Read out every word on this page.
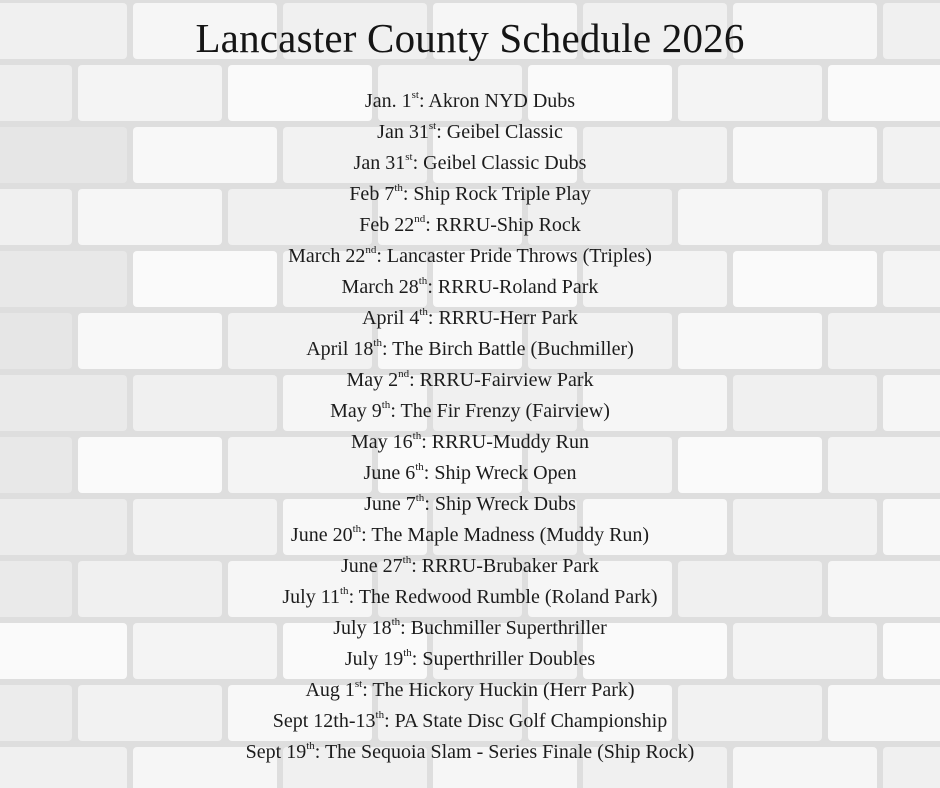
Lancaster County Schedule 2026
Jan. 1st: Akron NYD Dubs
Jan 31st: Geibel Classic
Jan 31st: Geibel Classic Dubs
Feb 7th: Ship Rock Triple Play
Feb 22nd: RRRU-Ship Rock
March 22nd: Lancaster Pride Throws (Triples)
March 28th: RRRU-Roland Park
April 4th: RRRU-Herr Park
April 18th: The Birch Battle (Buchmiller)
May 2nd: RRRU-Fairview Park
May 9th: The Fir Frenzy (Fairview)
May 16th: RRRU-Muddy Run
June 6th: Ship Wreck Open
June 7th: Ship Wreck Dubs
June 20th: The Maple Madness (Muddy Run)
June 27th: RRRU-Brubaker Park
July 11th: The Redwood Rumble (Roland Park)
July 18th: Buchmiller Superthriller
July 19th: Superthriller Doubles
Aug 1st: The Hickory Huckin (Herr Park)
Sept 12th-13th: PA State Disc Golf Championship
Sept 19th: The Sequoia Slam - Series Finale (Ship Rock)
